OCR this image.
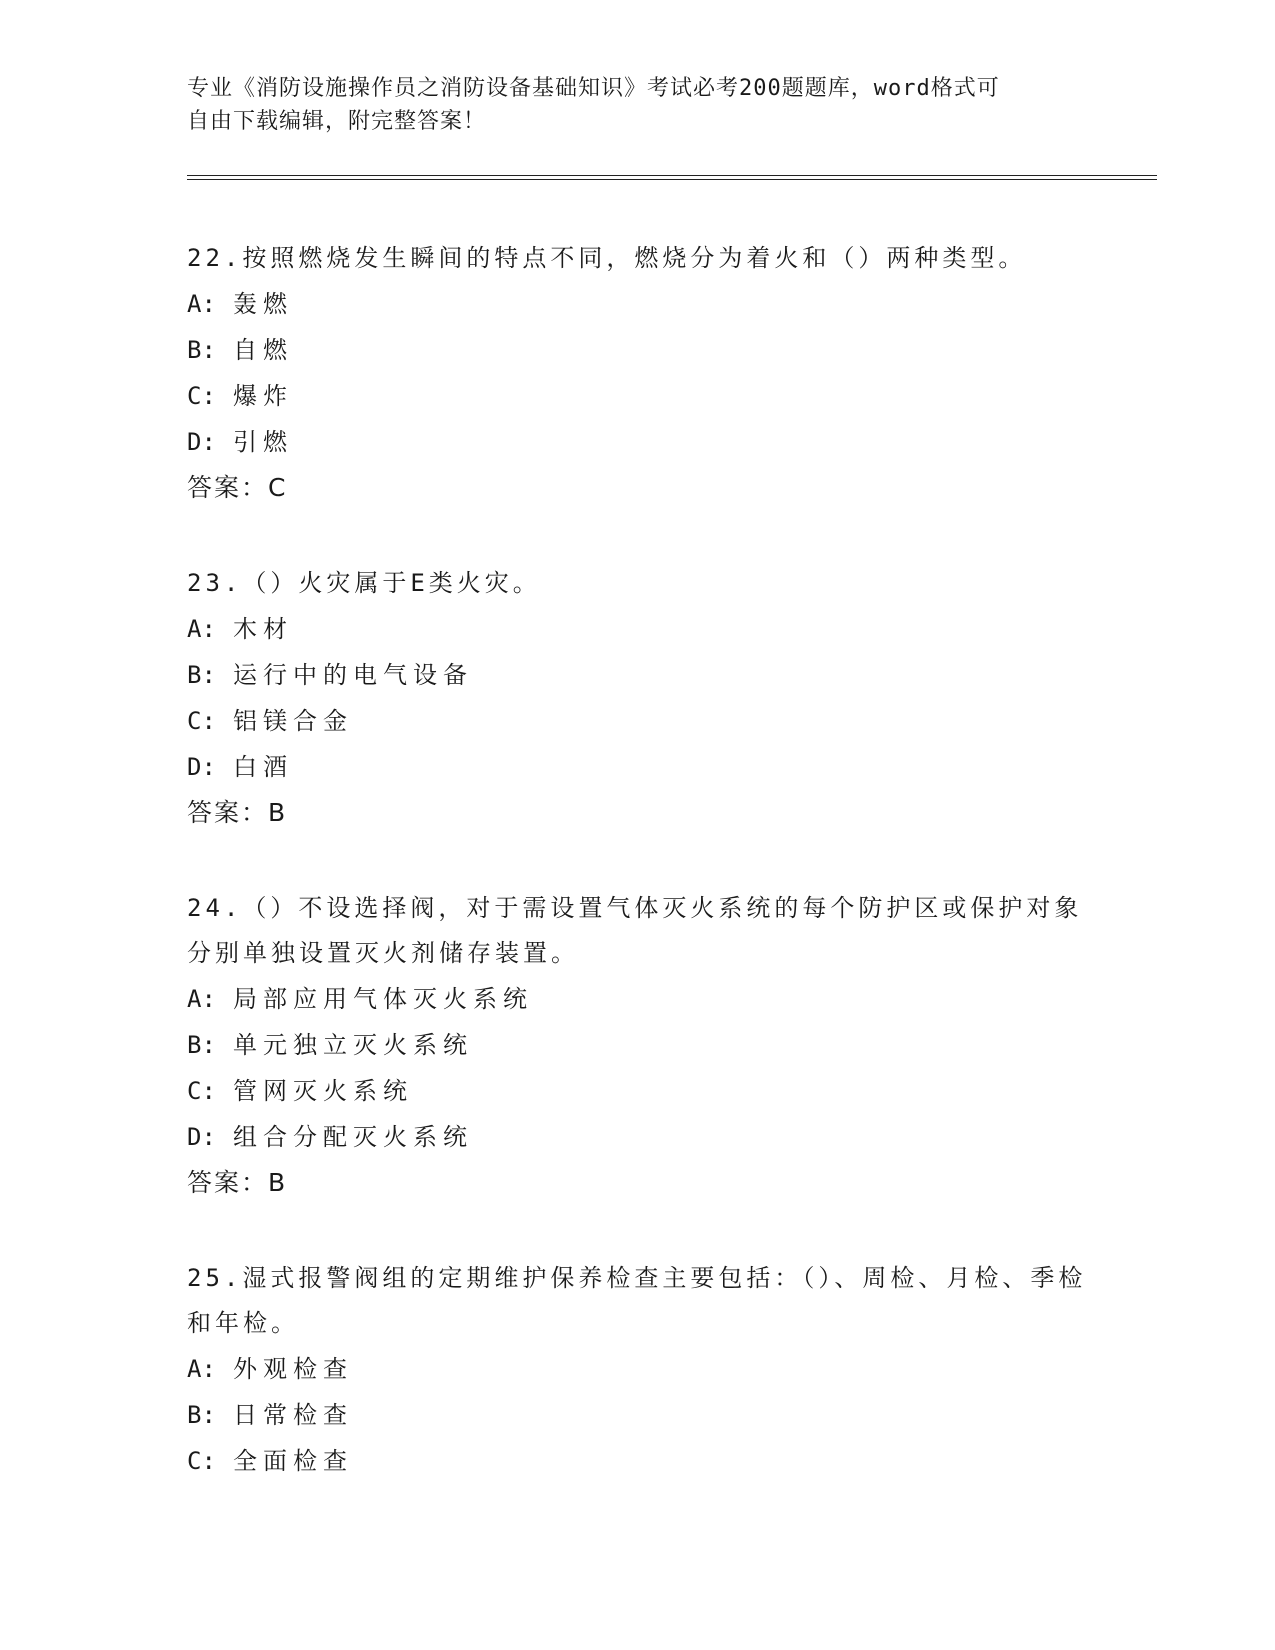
专业《消防设施操作员之消防设备基础知识》考试必考200题题库，word格式可
自由下载编辑，附完整答案！
22.按照燃烧发生瞬间的特点不同，燃烧分为着火和（）两种类型。
A: 轰燃
B: 自燃
C: 爆炸
D: 引燃
答案：C
23.（）火灾属于E类火灾。
A: 木材
B: 运行中的电气设备
C: 铝镁合金
D: 白酒
答案：B
24.（）不设选择阀，对于需设置气体灭火系统的每个防护区或保护对象分别单独设置灭火剂储存装置。
A: 局部应用气体灭火系统
B: 单元独立灭火系统
C: 管网灭火系统
D: 组合分配灭火系统
答案：B
25.湿式报警阀组的定期维护保养检查主要包括：（）、周检、月检、季检和年检。
A: 外观检查
B: 日常检查
C: 全面检查
